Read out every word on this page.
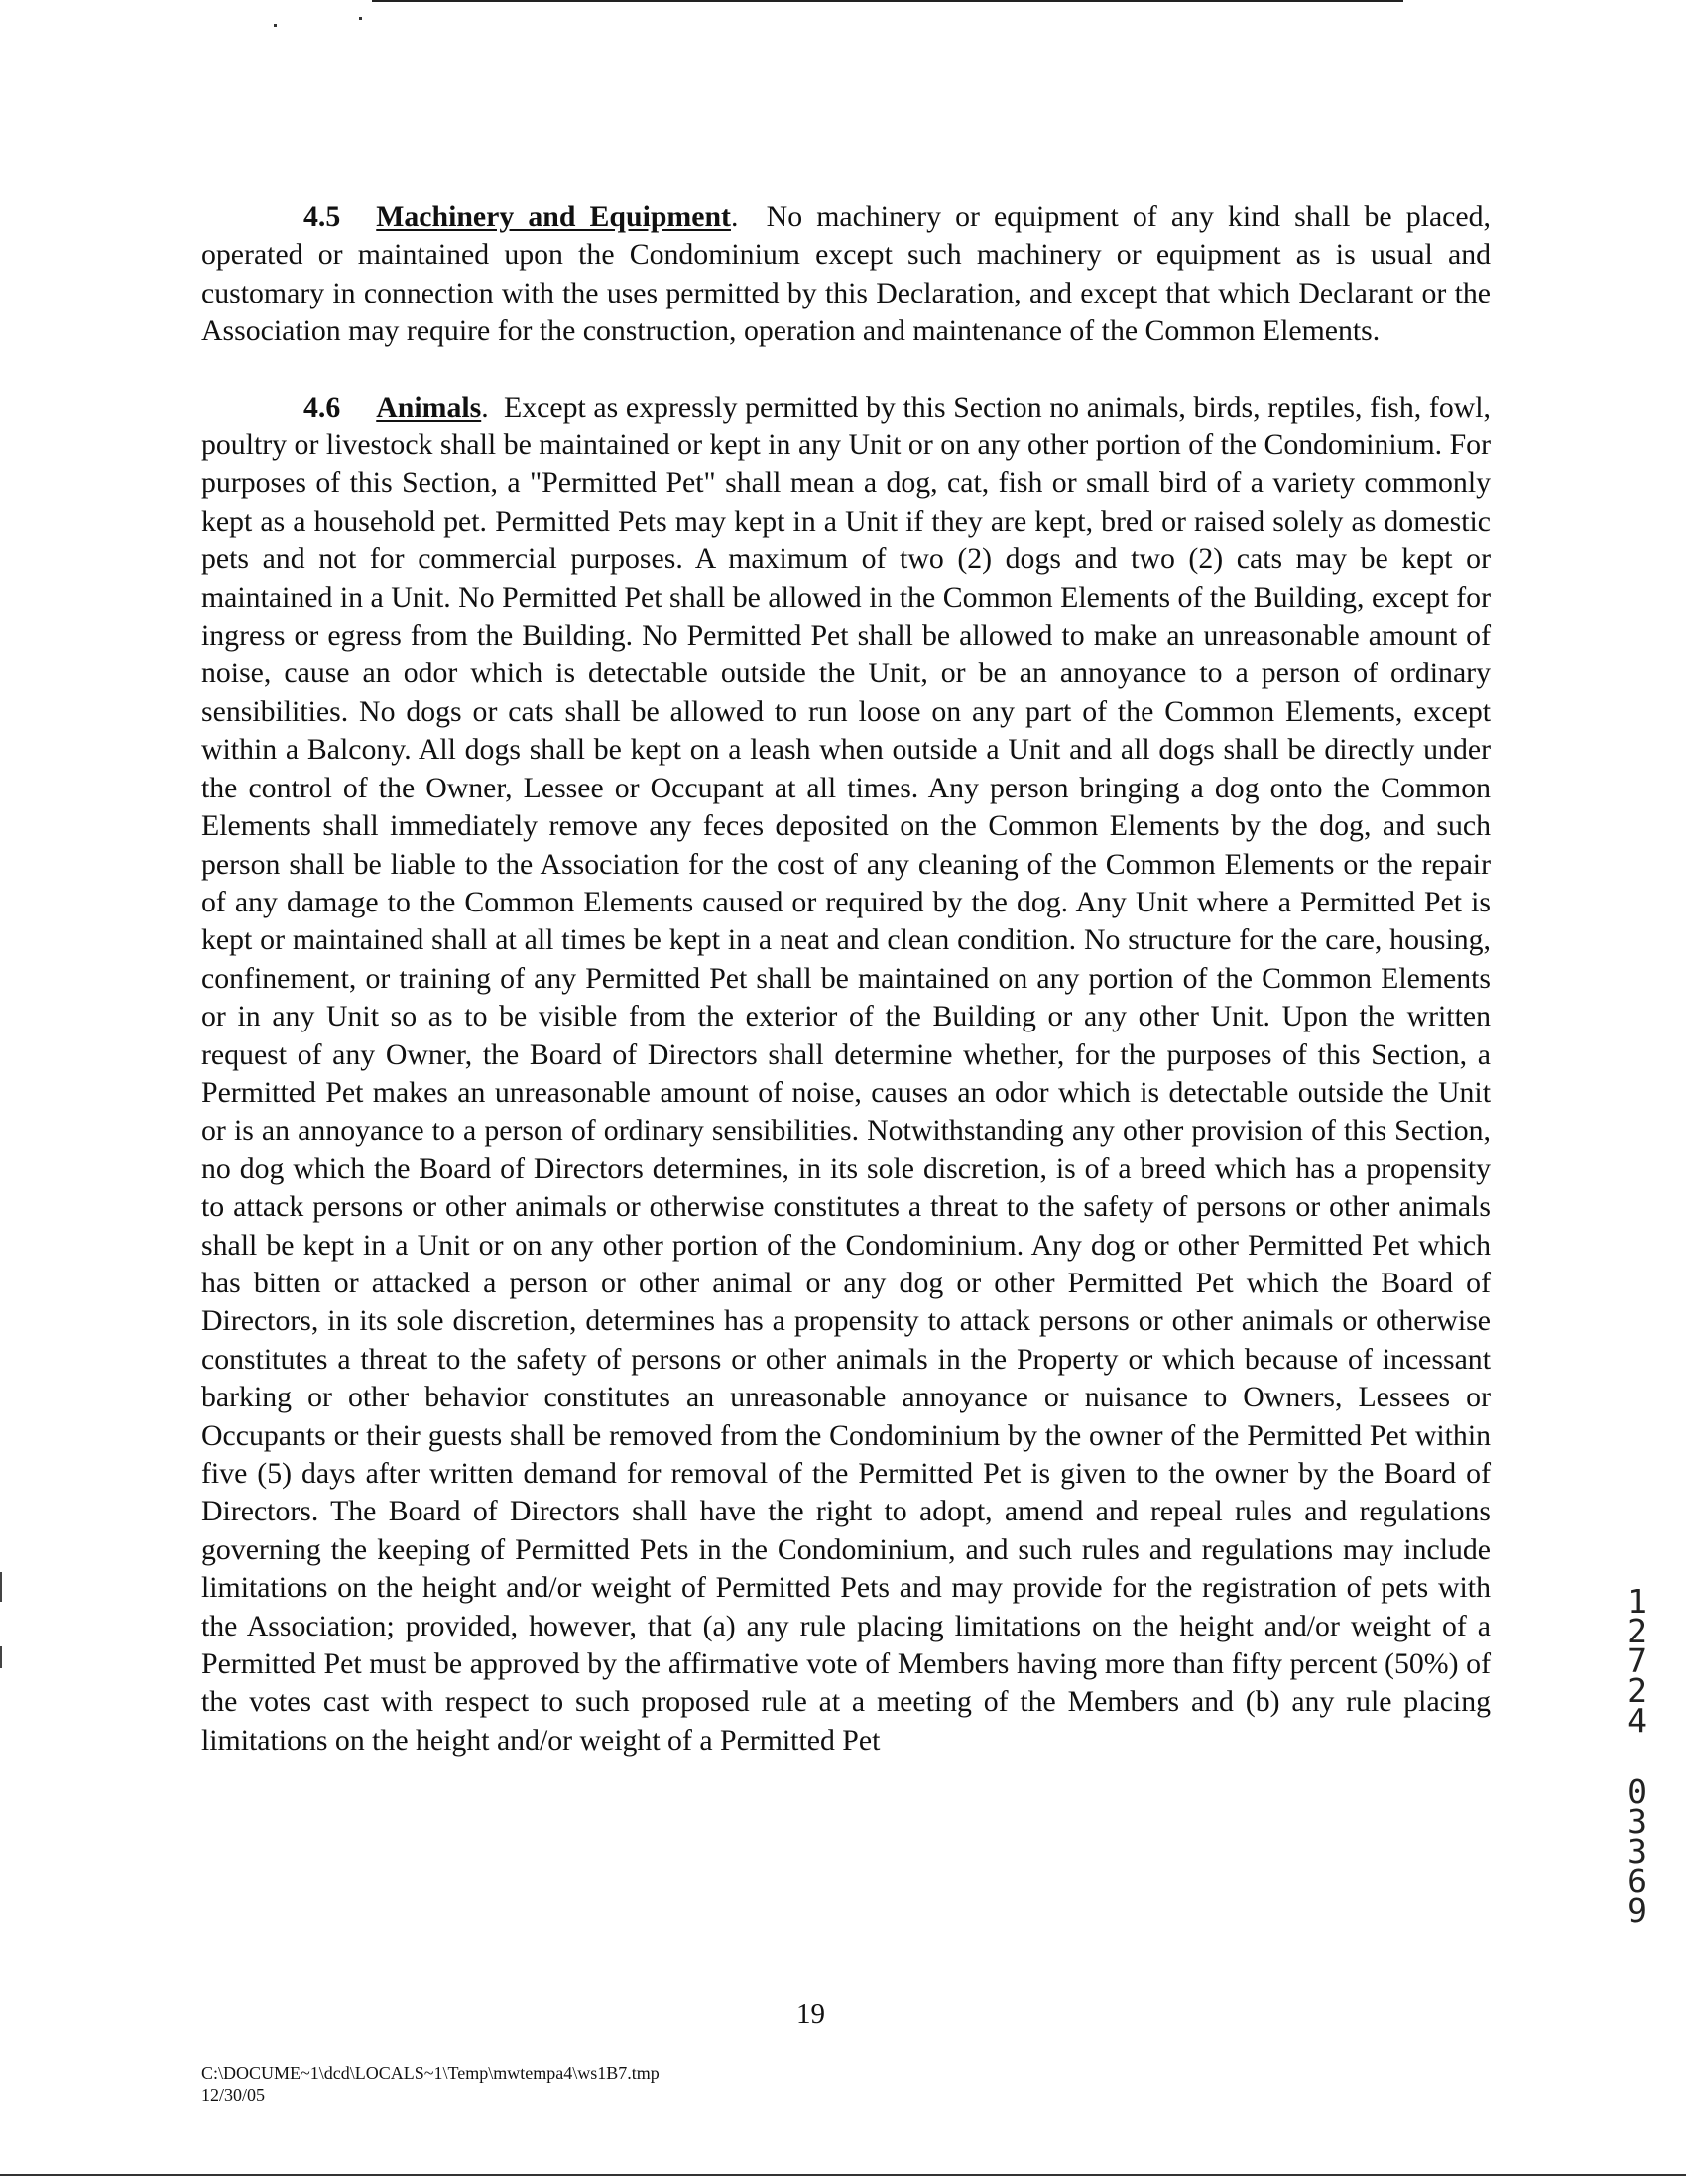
4.5 Machinery and Equipment. No machinery or equipment of any kind shall be placed, operated or maintained upon the Condominium except such machinery or equipment as is usual and customary in connection with the uses permitted by this Declaration, and except that which Declarant or the Association may require for the construction, operation and maintenance of the Common Elements.

4.6 Animals. Except as expressly permitted by this Section no animals, birds, reptiles, fish, fowl, poultry or livestock shall be maintained or kept in any Unit or on any other portion of the Condominium. For purposes of this Section, a "Permitted Pet" shall mean a dog, cat, fish or small bird of a variety commonly kept as a household pet. Permitted Pets may kept in a Unit if they are kept, bred or raised solely as domestic pets and not for commercial purposes. A maximum of two (2) dogs and two (2) cats may be kept or maintained in a Unit. No Permitted Pet shall be allowed in the Common Elements of the Building, except for ingress or egress from the Building. No Permitted Pet shall be allowed to make an unreasonable amount of noise, cause an odor which is detectable outside the Unit, or be an annoyance to a person of ordinary sensibilities. No dogs or cats shall be allowed to run loose on any part of the Common Elements, except within a Balcony. All dogs shall be kept on a leash when outside a Unit and all dogs shall be directly under the control of the Owner, Lessee or Occupant at all times. Any person bringing a dog onto the Common Elements shall immediately remove any feces deposited on the Common Elements by the dog, and such person shall be liable to the Association for the cost of any cleaning of the Common Elements or the repair of any damage to the Common Elements caused or required by the dog. Any Unit where a Permitted Pet is kept or maintained shall at all times be kept in a neat and clean condition. No structure for the care, housing, confinement, or training of any Permitted Pet shall be maintained on any portion of the Common Elements or in any Unit so as to be visible from the exterior of the Building or any other Unit. Upon the written request of any Owner, the Board of Directors shall determine whether, for the purposes of this Section, a Permitted Pet makes an unreasonable amount of noise, causes an odor which is detectable outside the Unit or is an annoyance to a person of ordinary sensibilities. Notwithstanding any other provision of this Section, no dog which the Board of Directors determines, in its sole discretion, is of a breed which has a propensity to attack persons or other animals or otherwise constitutes a threat to the safety of persons or other animals shall be kept in a Unit or on any other portion of the Condominium. Any dog or other Permitted Pet which has bitten or attacked a person or other animal or any dog or other Permitted Pet which the Board of Directors, in its sole discretion, determines has a propensity to attack persons or other animals or otherwise constitutes a threat to the safety of persons or other animals in the Property or which because of incessant barking or other behavior constitutes an unreasonable annoyance or nuisance to Owners, Lessees or Occupants or their guests shall be removed from the Condominium by the owner of the Permitted Pet within five (5) days after written demand for removal of the Permitted Pet is given to the owner by the Board of Directors. The Board of Directors shall have the right to adopt, amend and repeal rules and regulations governing the keeping of Permitted Pets in the Condominium, and such rules and regulations may include limitations on the height and/or weight of Permitted Pets and may provide for the registration of pets with the Association; provided, however, that (a) any rule placing limitations on the height and/or weight of a Permitted Pet must be approved by the affirmative vote of Members having more than fifty percent (50%) of the votes cast with respect to such proposed rule at a meeting of the Members and (b) any rule placing limitations on the height and/or weight of a Permitted Pet

19
C:\DOCUME~1\dcd\LOCALS~1\Temp\mwtempa4\ws1B7.tmp
12/30/05
1
2
7
2
4
0
3
3
6
9
